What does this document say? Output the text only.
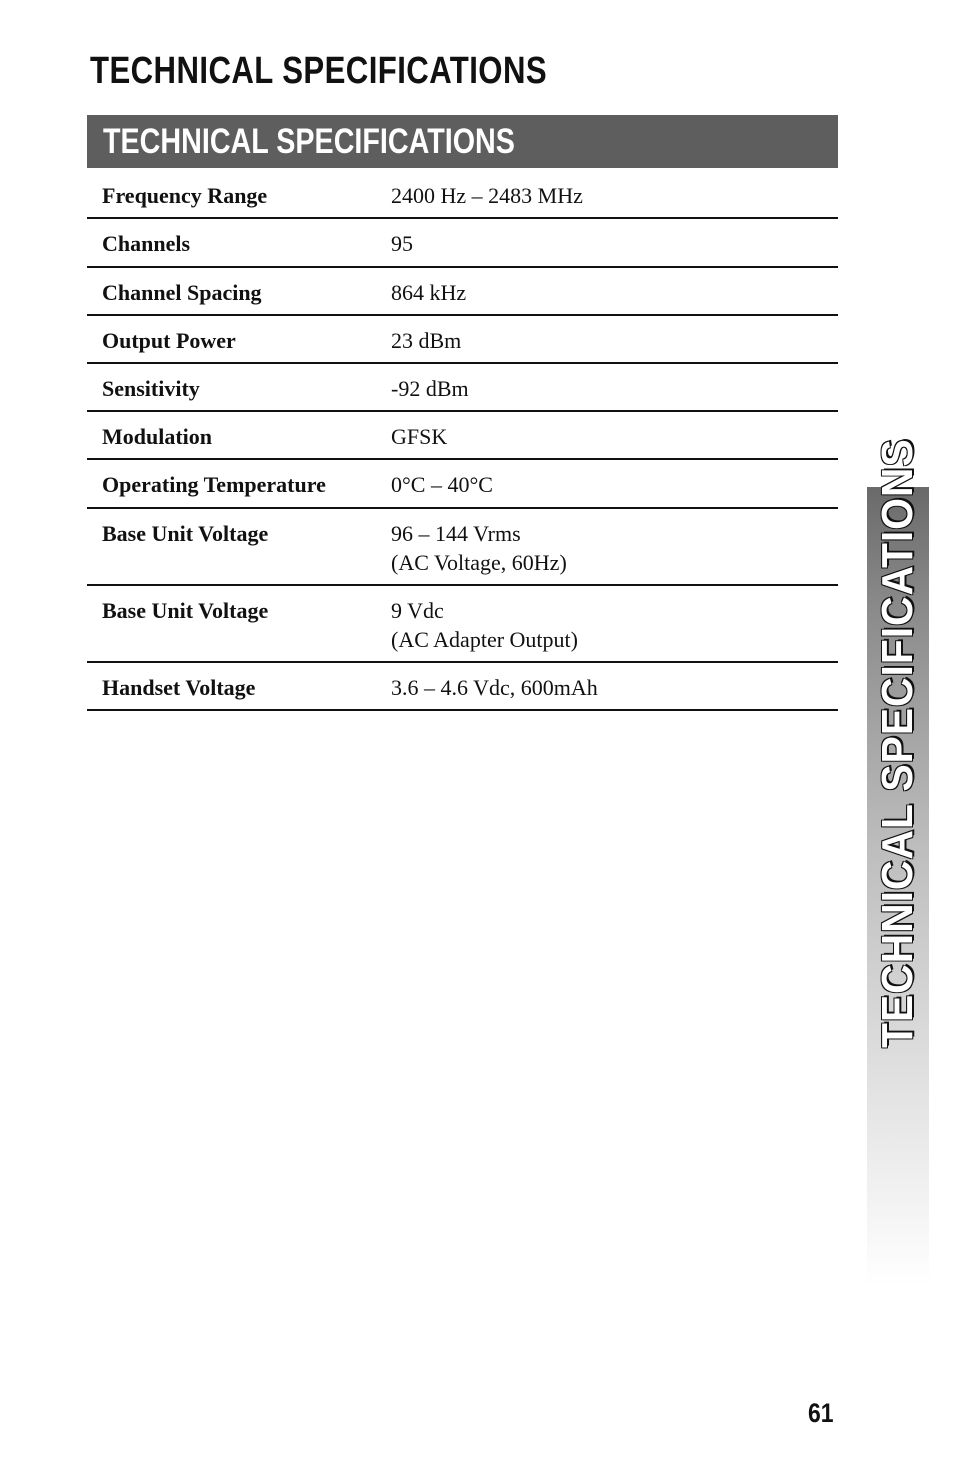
TECHNICAL SPECIFICATIONS
TECHNICAL SPECIFICATIONS
Frequency Range	2400 Hz – 2483 MHz
Channels	95
Channel Spacing	864 kHz
Output Power	23 dBm
Sensitivity	-92 dBm
Modulation	GFSK
Operating Temperature	0°C – 40°C
Base Unit Voltage	96 – 144 Vrms
(AC Voltage, 60Hz)
Base Unit Voltage	9 Vdc
(AC Adapter Output)
Handset Voltage	3.6 – 4.6 Vdc, 600mAh	TECHNICAL SPECIFICATIONS
61
